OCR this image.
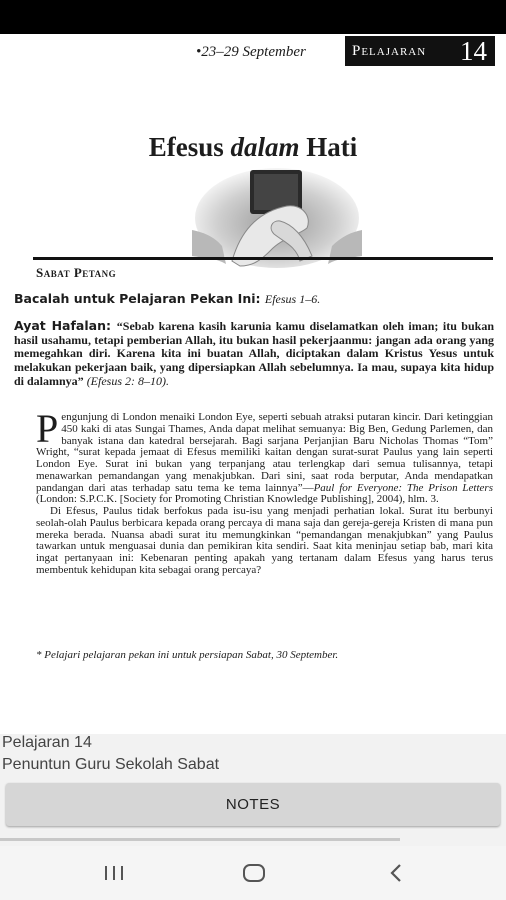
•23–29 September	Pelajaran 14
Efesus dalam Hati
Sabat Petang
Bacalah untuk Pelajaran Pekan Ini: Efesus 1–6.
Ayat Hafalan: “Sebab karena kasih karunia kamu diselamatkan oleh iman; itu bukan hasil usahamu, tetapi pemberian Allah, itu bukan hasil pekerjaanmu: jangan ada orang yang memegahkan diri. Karena kita ini buatan Allah, diciptakan dalam Kristus Yesus untuk melakukan pekerjaan baik, yang dipersiapkan Allah sebelumnya. Ia mau, supaya kita hidup di dalamnya” (Efesus 2: 8–10).

Pengunjung di London menaiki London Eye, seperti sebuah atraksi putaran kincir. Dari ketinggian 450 kaki di atas Sungai Thames, Anda dapat melihat semuanya: Big Ben, Gedung Parlemen, dan banyak istana dan katedral bersejarah. Bagi sarjana Perjanjian Baru Nicholas Thomas “Tom” Wright, “surat kepada jemaat di Efesus memiliki kaitan dengan surat-surat Paulus yang lain seperti London Eye. Surat ini bukan yang terpanjang atau terlengkap dari semua tulisannya, tetapi menawarkan pemandangan yang menakjubkan. Dari sini, saat roda berputar, Anda mendapatkan pandangan dari atas terhadap satu tema ke tema lainnya”—Paul for Everyone: The Prison Letters (London: S.P.C.K. [Society for Promoting Christian Knowledge Publishing], 2004), hlm. 3.

Di Efesus, Paulus tidak berfokus pada isu-isu yang menjadi perhatian lokal. Surat itu berbunyi seolah-olah Paulus berbicara kepada orang percaya di mana saja dan gereja-gereja Kristen di mana pun mereka berada. Nuansa abadi surat itu memungkinkan “pemandangan menakjubkan” yang Paulus tawarkan untuk menguasai dunia dan pemikiran kita sendiri. Saat kita meninjau setiap bab, mari kita ingat pertanyaan ini: Kebenaran penting apakah yang tertanam dalam Efesus yang harus terus membentuk kehidupan kita sebagai orang percaya?

* Pelajari pelajaran pekan ini untuk persiapan Sabat, 30 September.
Pelajaran 14
Penuntun Guru Sekolah Sabat
NOTES
